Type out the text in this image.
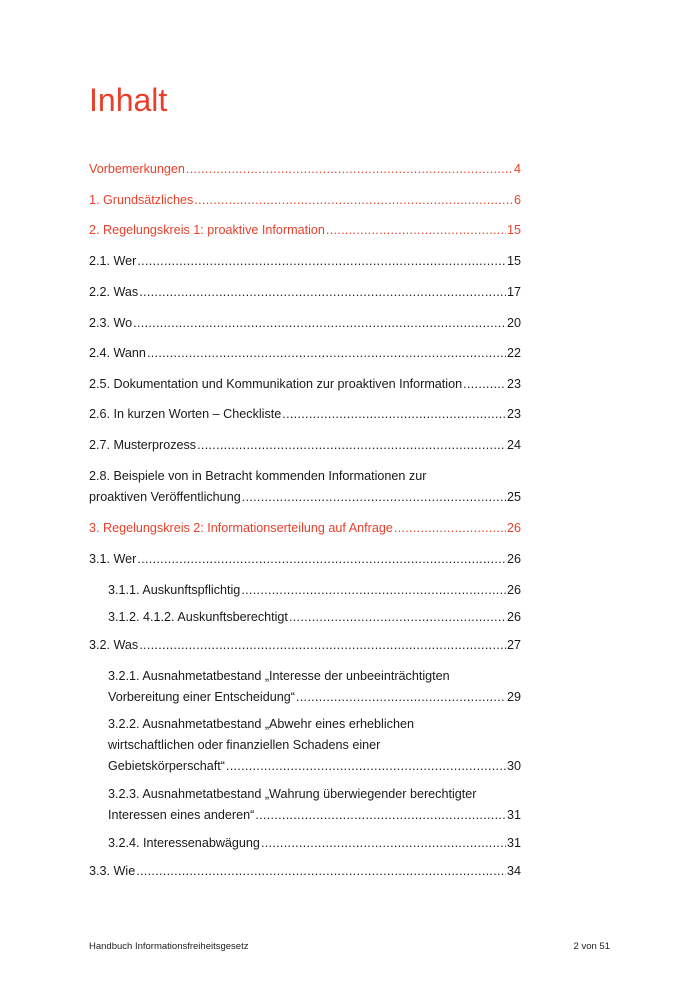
Inhalt
Vorbemerkungen . . .	4
1. Grundsätzliches . . .	6
2. Regelungskreis 1: proaktive Information . . .	15
2.1. Wer . . .	15
2.2. Was . . .	17
2.3. Wo . . .	20
2.4. Wann . . .	22
2.5. Dokumentation und Kommunikation zur proaktiven Information . . .	23
2.6. In kurzen Worten – Checkliste . . .	23
2.7. Musterprozess . . .	24
2.8. Beispiele von in Betracht kommenden Informationen zur
proaktiven Veröffentlichung . . .	25
3. Regelungskreis 2: Informationserteilung auf Anfrage . . .	26
3.1. Wer . . .	26
3.1.1. Auskunftspflichtig . . .	26
3.1.2. 4.1.2. Auskunftsberechtigt . . .	26
3.2. Was . . .	27
3.2.1. Ausnahmetatbestand „Interesse der unbeeinträchtigten
Vorbereitung einer Entscheidung“ . . .	29
3.2.2. Ausnahmetatbestand „Abwehr eines erheblichen
wirtschaftlichen oder finanziellen Schadens einer
Gebietskörperschaft“ . . .	30
3.2.3. Ausnahmetatbestand „Wahrung überwiegender berechtigter
Interessen eines anderen“ . . .	31
3.2.4. Interessenabwägung . . .	31
3.3. Wie . . .	34
Handbuch Informationsfreiheitsgesetz	2 von 51
